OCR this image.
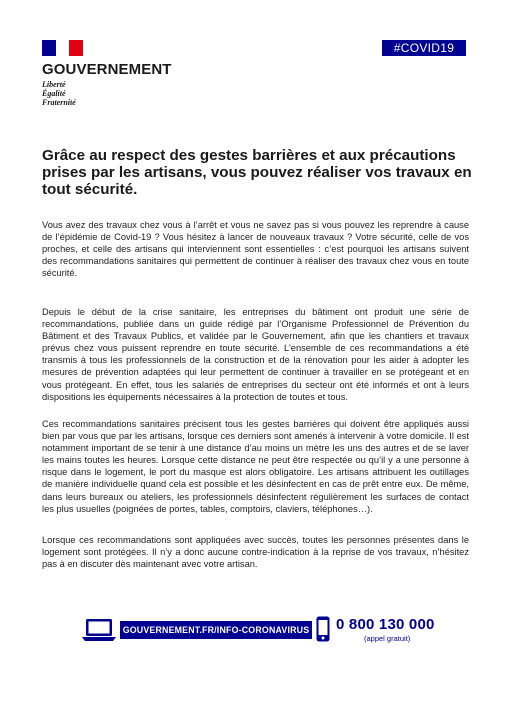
GOUVERNEMENT
Liberté
Égalité
Fraternité
#COVID19
Grâce au respect des gestes barrières et aux précautions prises par les artisans, vous pouvez réaliser vos travaux en tout sécurité.

Vous avez des travaux chez vous à l’arrêt et vous ne savez pas si vous pouvez les reprendre à cause de l’épidémie de Covid-19 ? Vous hésitez à lancer de nouveaux travaux ? Votre sécurité, celle de vos proches, et celle des artisans qui interviennent sont essentielles : c’est pourquoi les artisans suivent des recommandations sanitaires qui permettent de continuer à réaliser des travaux chez vous en toute sécurité.

Depuis le début de la crise sanitaire, les entreprises du bâtiment ont produit une série de recommandations, publiée dans un guide rédigé par l’Organisme Professionnel de Prévention du Bâtiment et des Travaux Publics, et validée par le Gouvernement, afin que les chantiers et travaux prévus chez vous puissent reprendre en toute sécurité. L’ensemble de ces recommandations a été transmis à tous les professionnels de la construction et de la rénovation pour les aider à adopter les mesures de prévention adaptées qui leur permettent de continuer à travailler en se protégeant et en vous protégeant. En effet, tous les salariés de entreprises du secteur ont été informés et ont à leurs dispositions les équipements nécessaires à la protection de toutes et tous.

Ces recommandations sanitaires précisent tous les gestes barrières qui doivent être appliqués aussi bien par vous que par les artisans, lorsque ces derniers sont amenés à intervenir à votre domicile. Il est notamment important de se tenir à une distance d’au moins un mètre les uns des autres et de se laver les mains toutes les heures. Lorsque cette distance ne peut être respectée ou qu’il y a une personne à risque dans le logement, le port du masque est alors obligatoire. Les artisans attribuent les outillages de manière individuelle quand cela est possible et les désinfectent en cas de prêt entre eux. De même, dans leurs bureaux ou ateliers, les professionnels désinfectent régulièrement les surfaces de contact les plus usuelles (poignées de portes, tables, comptoirs, claviers, téléphones…).

Lorsque ces recommandations sont appliquées avec succès, toutes les personnes présentes dans le logement sont protégées. Il n’y a donc aucune contre-indication à la reprise de vos travaux, n’hésitez pas à en discuter dès maintenant avec votre artisan.

GOUVERNEMENT.FR/INFO-CORONAVIRUS 0 800 130 000
(appel gratuit)
